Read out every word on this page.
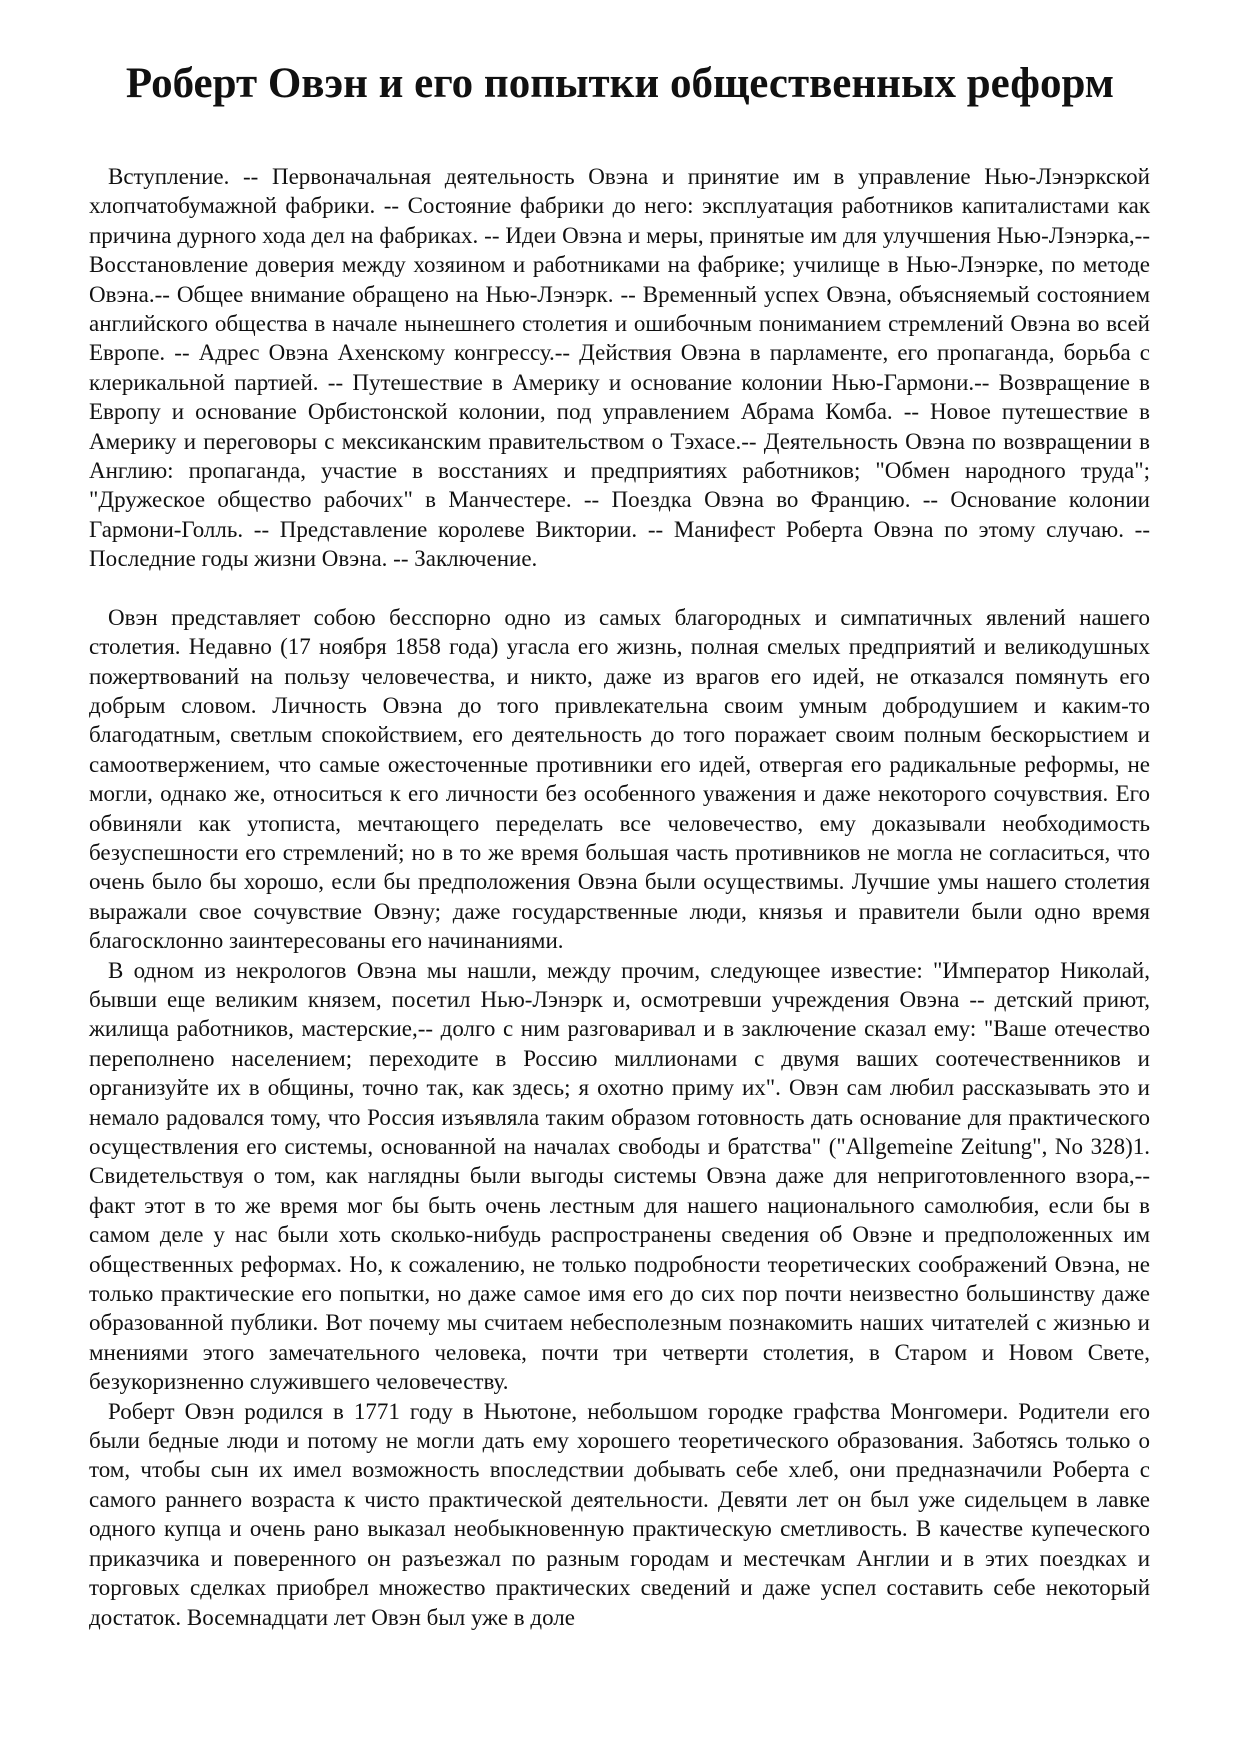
Роберт Овэн и его попытки общественных реформ

Вступление. -- Первоначальная деятельность Овэна и принятие им в управление Нью-Лэнэркской хлопчатобумажной фабрики. -- Состояние фабрики до него: эксплуатация работников капиталистами как причина дурного хода дел на фабриках. -- Идеи Овэна и меры, принятые им для улучшения Нью-Лэнэрка,-- Восстановление доверия между хозяином и работниками на фабрике; училище в Нью-Лэнэрке, по методе Овэна.-- Общее внимание обращено на Нью-Лэнэрк. -- Временный успех Овэна, объясняемый состоянием английского общества в начале нынешнего столетия и ошибочным пониманием стремлений Овэна во всей Европе. -- Адрес Овэна Ахенскому конгрессу.-- Действия Овэна в парламенте, его пропаганда, борьба с клерикальной партией. -- Путешествие в Америку и основание колонии Нью-Гармони.-- Возвращение в Европу и основание Орбистонской колонии, под управлением Абрама Комба. -- Новое путешествие в Америку и переговоры с мексиканским правительством о Тэхасе.-- Деятельность Овэна по возвращении в Англию: пропаганда, участие в восстаниях и предприятиях работников; "Обмен народного труда"; "Дружеское общество рабочих" в Манчестере. -- Поездка Овэна во Францию. -- Основание колонии Гармони-Голль. -- Представление королеве Виктории. -- Манифест Роберта Овэна по этому случаю. -- Последние годы жизни Овэна. -- Заключение.

Овэн представляет собою бесспорно одно из самых благородных и симпатичных явлений нашего столетия. Недавно (17 ноября 1858 года) угасла его жизнь, полная смелых предприятий и великодушных пожертвований на пользу человечества, и никто, даже из врагов его идей, не отказался помянуть его добрым словом. Личность Овэна до того привлекательна своим умным добродушием и каким-то благодатным, светлым спокойствием, его деятельность до того поражает своим полным бескорыстием и самоотвержением, что самые ожесточенные противники его идей, отвергая его радикальные реформы, не могли, однако же, относиться к его личности без особенного уважения и даже некоторого сочувствия. Его обвиняли как утописта, мечтающего переделать все человечество, ему доказывали необходимость безуспешности его стремлений; но в то же время большая часть противников не могла не согласиться, что очень было бы хорошо, если бы предположения Овэна были осуществимы. Лучшие умы нашего столетия выражали свое сочувствие Овэну; даже государственные люди, князья и правители были одно время благосклонно заинтересованы его начинаниями.

В одном из некрологов Овэна мы нашли, между прочим, следующее известие: "Император Николай, бывши еще великим князем, посетил Нью-Лэнэрк и, осмотревши учреждения Овэна -- детский приют, жилища работников, мастерские,-- долго с ним разговаривал и в заключение сказал ему: "Ваше отечество переполнено населением; переходите в Россию миллионами с двумя ваших соотечественников и организуйте их в общины, точно так, как здесь; я охотно приму их". Овэн сам любил рассказывать это и немало радовался тому, что Россия изъявляла таким образом готовность дать основание для практического осуществления его системы, основанной на началах свободы и братства" ("Allgemeine Zeitung", No 328)1. Свидетельствуя о том, как наглядны были выгоды системы Овэна даже для неприготовленного взора,-- факт этот в то же время мог бы быть очень лестным для нашего национального самолюбия, если бы в самом деле у нас были хоть сколько-нибудь распространены сведения об Овэне и предположенных им общественных реформах. Но, к сожалению, не только подробности теоретических соображений Овэна, не только практические его попытки, но даже самое имя его до сих пор почти неизвестно большинству даже образованной публики. Вот почему мы считаем небесполезным познакомить наших читателей с жизнью и мнениями этого замечательного человека, почти три четверти столетия, в Старом и Новом Свете, безукоризненно служившего человечеству.

Роберт Овэн родился в 1771 году в Ньютоне, небольшом городке графства Монгомери. Родители его были бедные люди и потому не могли дать ему хорошего теоретического образования. Заботясь только о том, чтобы сын их имел возможность впоследствии добывать себе хлеб, они предназначили Роберта с самого раннего возраста к чисто практической деятельности. Девяти лет он был уже сидельцем в лавке одного купца и очень рано выказал необыкновенную практическую сметливость. В качестве купеческого приказчика и поверенного он разъезжал по разным городам и местечкам Англии и в этих поездках и торговых сделках приобрел множество практических сведений и даже успел составить себе некоторый достаток. Восемнадцати лет Овэн был уже в доле
